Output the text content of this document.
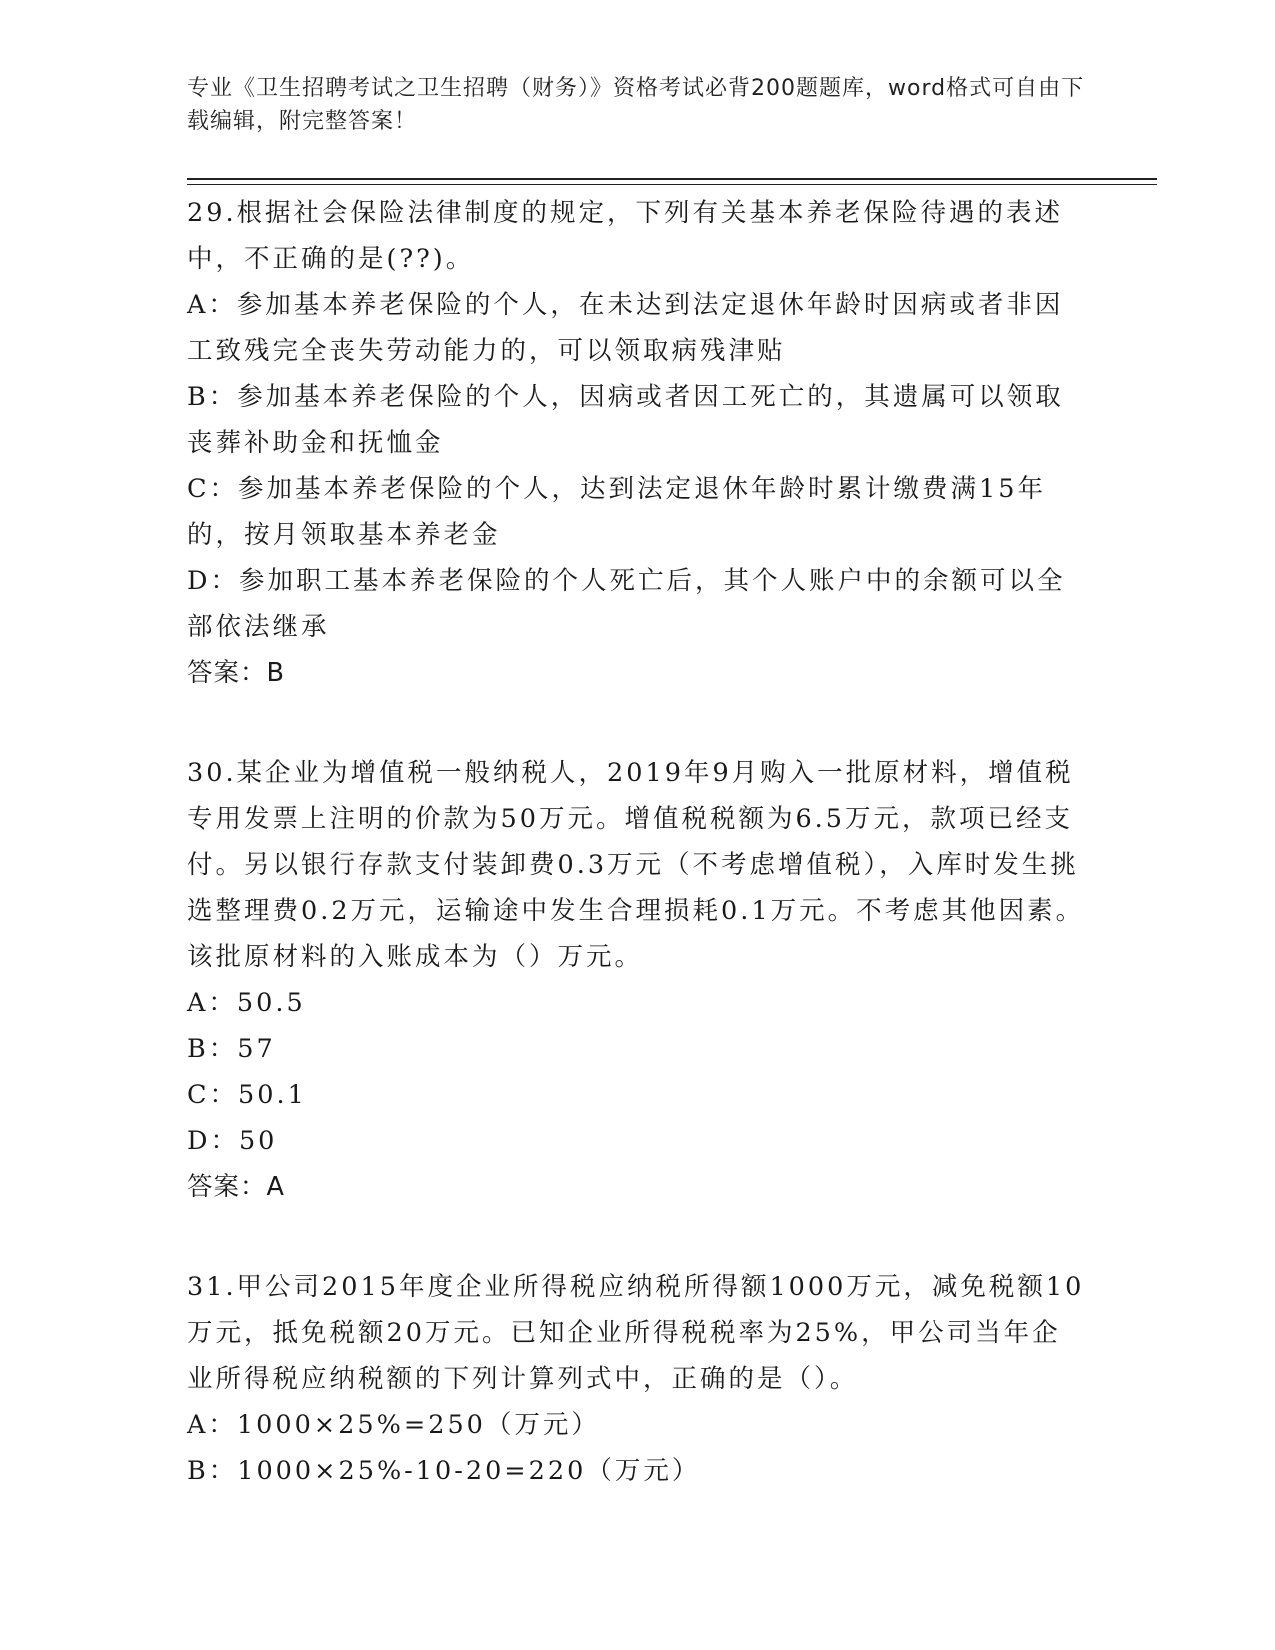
专业《卫生招聘考试之卫生招聘（财务）》资格考试必背200题题库，word格式可自由下载编辑，附完整答案！

29.根据社会保险法律制度的规定，下列有关基本养老保险待遇的表述中，不正确的是(??)。

A：参加基本养老保险的个人，在未达到法定退休年龄时因病或者非因工致残完全丧失劳动能力的，可以领取病残津贴

B：参加基本养老保险的个人，因病或者因工死亡的，其遗属可以领取丧葬补助金和抚恤金

C：参加基本养老保险的个人，达到法定退休年龄时累计缴费满15年的，按月领取基本养老金

D：参加职工基本养老保险的个人死亡后，其个人账户中的余额可以全部依法继承

答案：B

30.某企业为增值税一般纳税人，2019年9月购入一批原材料，增值税专用发票上注明的价款为50万元。增值税税额为6.5万元，款项已经支付。另以银行存款支付装卸费0.3万元（不考虑增值税），入库时发生挑选整理费0.2万元，运输途中发生合理损耗0.1万元。不考虑其他因素。该批原材料的入账成本为（）万元。

A：50.5

B：57

C：50.1

D：50

答案：A

31.甲公司2015年度企业所得税应纳税所得额1000万元，减免税额10万元，抵免税额20万元。已知企业所得税税率为25%，甲公司当年企业所得税应纳税额的下列计算列式中，正确的是（）。

A：1000×25%=250（万元）

B：1000×25%-10-20=220（万元）
